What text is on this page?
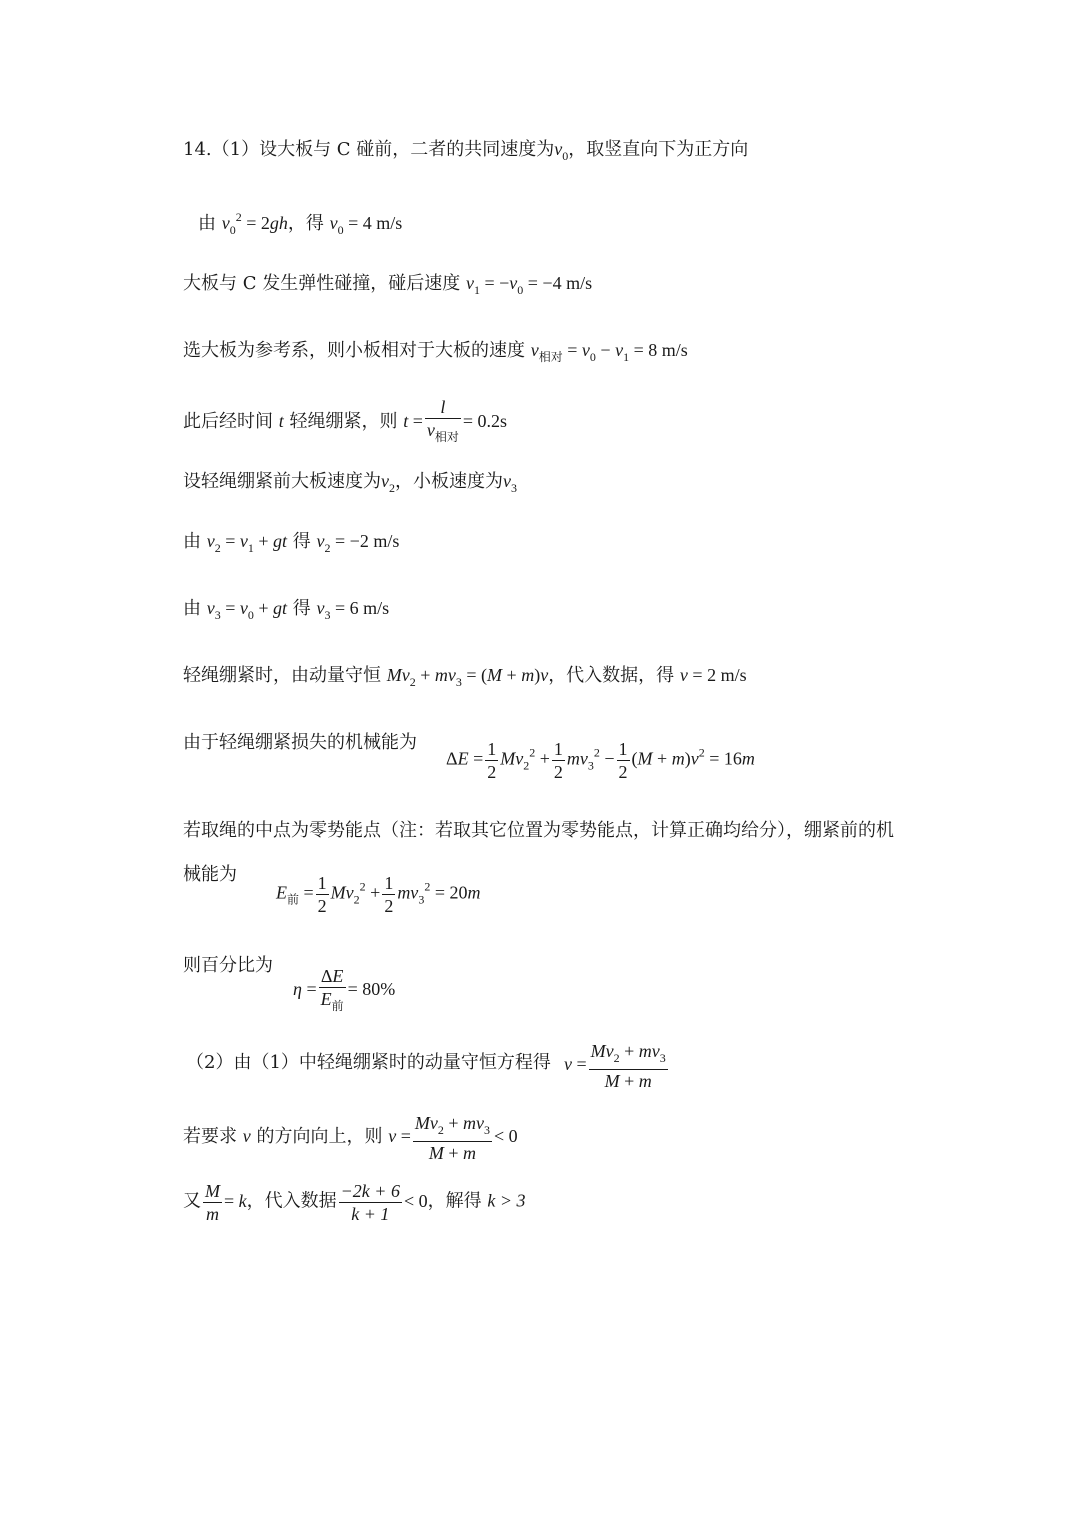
14.（1）设大板与 C 碰前，二者的共同速度为$v_0$，取竖直向下为正方向
由 $v_0^2 = 2gh$，得 $v_0 = 4$ m/s
大板与 C 发生弹性碰撞，碰后速度 $v_1 = -v_0 = -4$ m/s
选大板为参考系，则小板相对于大板的速度 $v_{相对} = v_0 - v_1 = 8$ m/s
此后经时间 t 轻绳绷紧，则 $t = \frac{l}{v_{相对}} = 0.2s$
设轻绳绷紧前大板速度为$v_2$，小板速度为$v_3$
由 $v_2 = v_1$ + gt 得 $v_2 = -2$ m/s
由 $v_3 = v_0$ + gt 得 $v_3 = 6$ m/s
轻绳绷紧时，由动量守恒 $Mv_2 + mv_3 = (M + m)v$，代入数据，得 v = 2 m/s
由于轻绳绷紧损失的机械能为
$\Delta E = \frac{1}{2} Mv_2^2 + \frac{1}{2} mv_3^2 - \frac{1}{2} (M + m)v^2 = 16m$
若取绳的中点为零势能点（注：若取其它位置为零势能点，计算正确均给分），绷紧前的机
械能为
$E_前 = \frac{1}{2} Mv_2^2 + \frac{1}{2} mv_3^2 = 20m$
则百分比为
$\eta = \frac{\Delta E}{E_前} = 80\%$
（2）由（1）中轻绳绷紧时的动量守恒方程得 $v = \frac{Mv_2 + mv_3}{M + m}$
若要求 v 的方向向上，则 $v = \frac{Mv_2 + mv_3}{M + m} < 0$
又 $\frac{M}{m} = k$，代入数据 $\frac{-2k + 6}{k + 1} < 0$，解得 k > 3
